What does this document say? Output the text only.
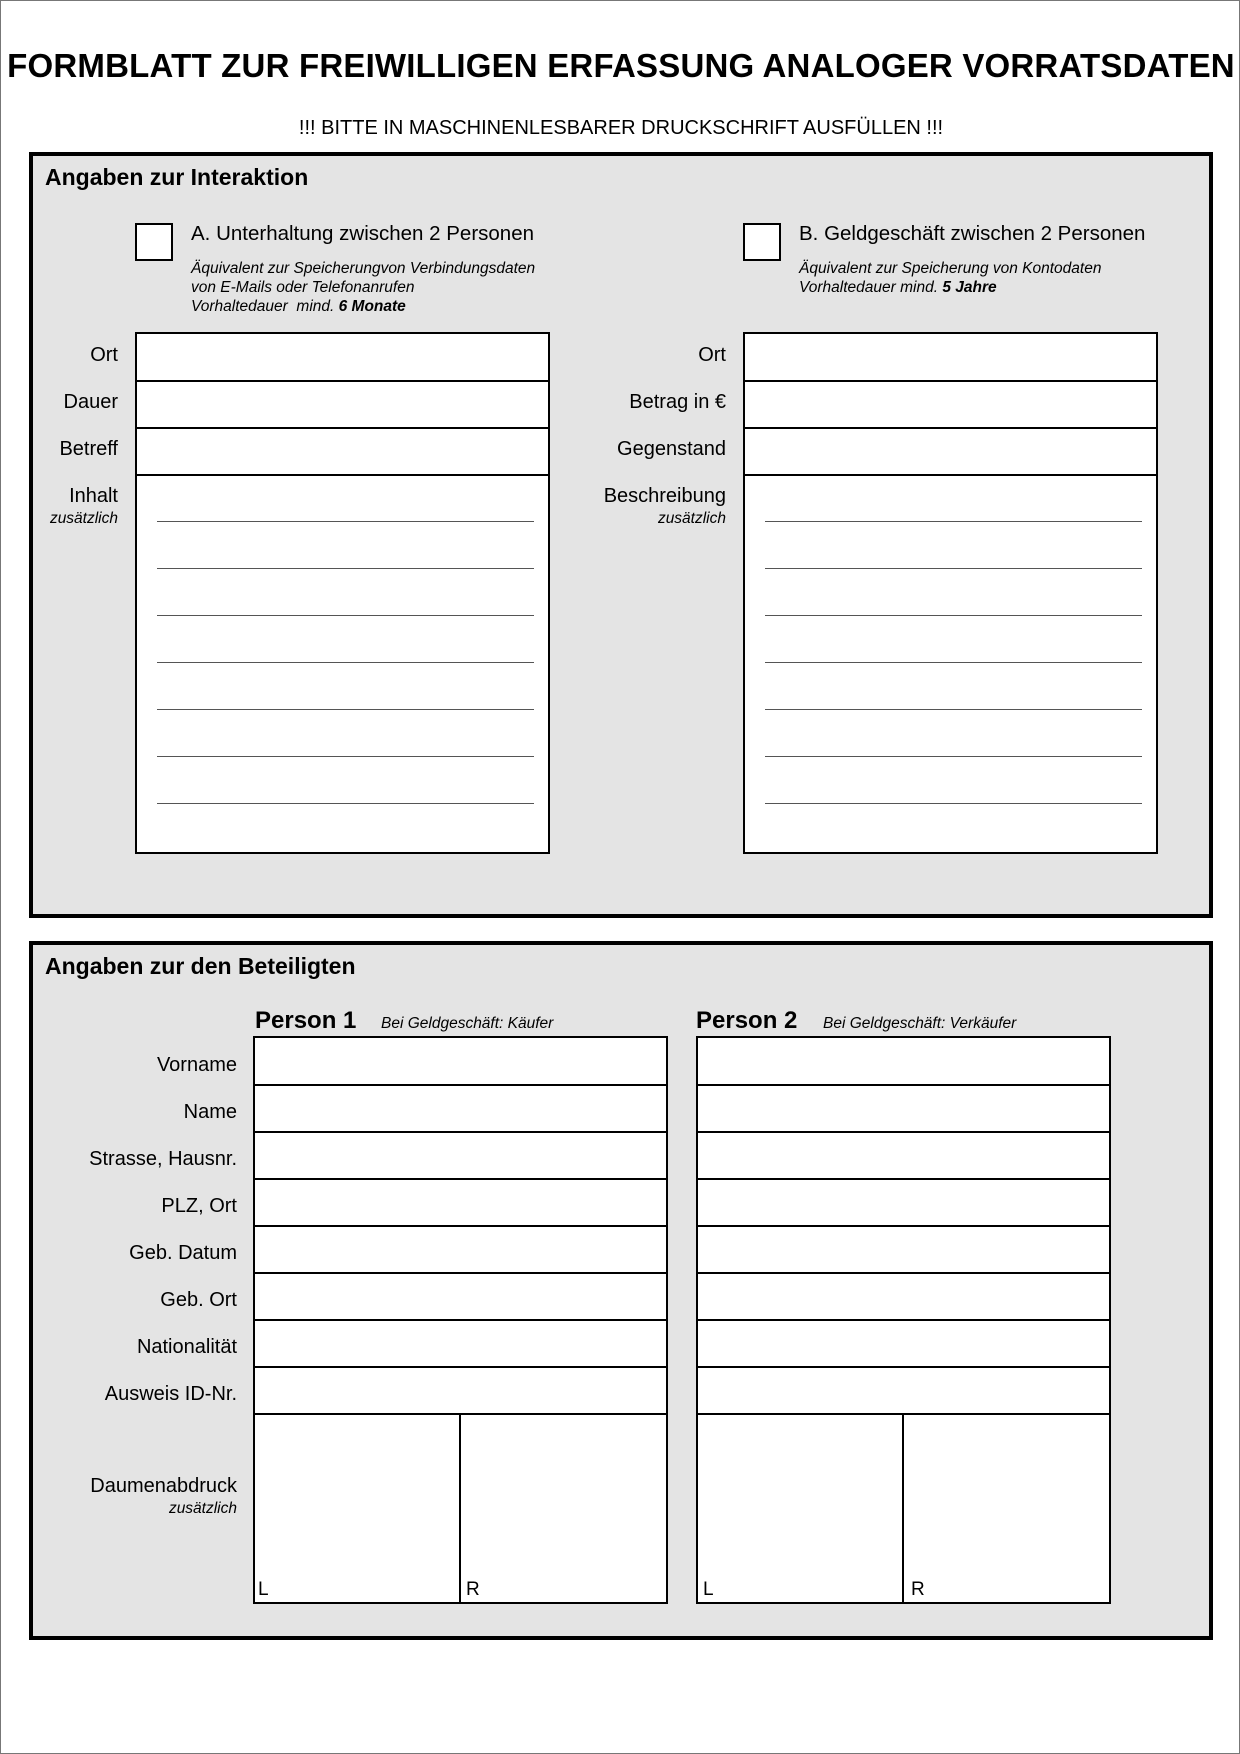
FORMBLATT ZUR FREIWILLIGEN ERFASSUNG ANALOGER VORRATSDATEN
!!! BITTE IN MASCHINENLESBARER DRUCKSCHRIFT AUSFÜLLEN !!!
Angaben zur Interaktion
A. Unterhaltung zwischen 2 Personen
Äquivalent zur Speicherungvon Verbindungsdaten
von E-Mails oder Telefonanrufen
Vorhaltedauer  mind. 6 Monate
Ort
Dauer
Betreff
Inhalt
zusätzlich
B. Geldgeschäft zwischen 2 Personen
Äquivalent zur Speicherung von Kontodaten
Vorhaltedauer mind. 5 Jahre
Ort
Betrag in €
Gegenstand
Beschreibung
zusätzlich
Angaben zur den Beteiligten
Person 1 Bei Geldgeschäft: Käufer	Person 2 Bei Geldgeschäft: Verkäufer
Vorname
Name
Strasse, Hausnr.
PLZ, Ort
Geb. Datum
Geb. Ort
Nationalität
Ausweis ID-Nr.
Daumenabdruck
zusätzlich
L	R	L	R
